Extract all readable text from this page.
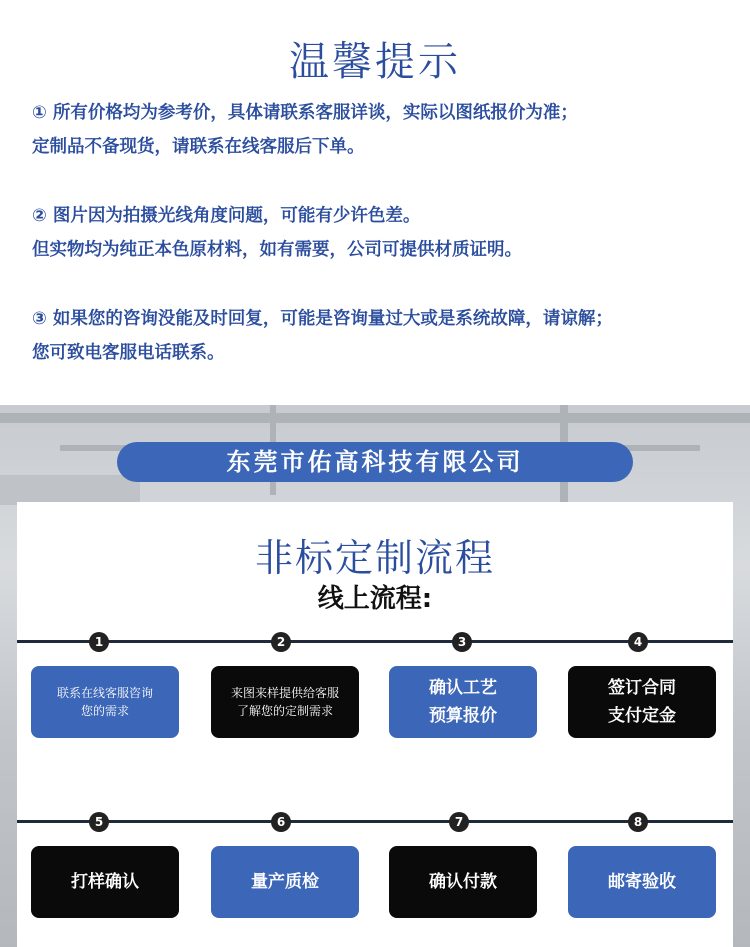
温馨提示
① 所有价格均为参考价，具体请联系客服详谈，实际以图纸报价为准；
定制品不备现货，请联系在线客服后下单。
② 图片因为拍摄光线角度问题，可能有少许色差。
但实物均为纯正本色原材料，如有需要，公司可提供材质证明。
③ 如果您的咨询没能及时回复，可能是咨询量过大或是系统故障，请谅解；
您可致电客服电话联系。
东莞市佑高科技有限公司
非标定制流程
线上流程:
1	2	3	4
5	6	7	8
联系在线客服咨询
您的需求
来图来样提供给客服
了解您的定制需求
确认工艺
预算报价
签订合同
支付定金
打样确认	量产质检	确认付款	邮寄验收
